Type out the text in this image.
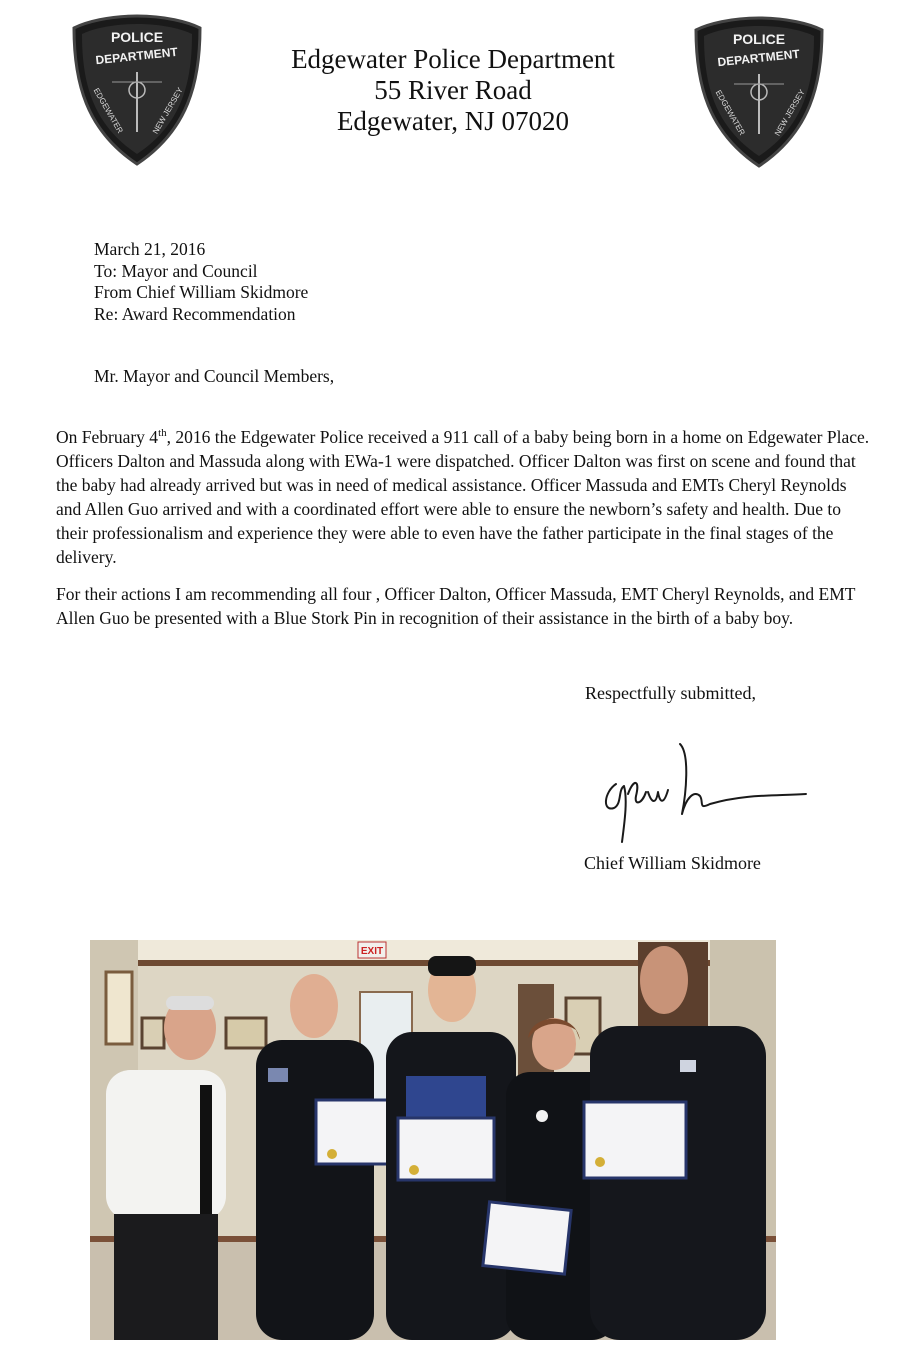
POLICE
DEPARTMENT
EDGEWATER	NEW JERSEY
POLICE
DEPARTMENT
EDGEWATER	NEW JERSEY
Edgewater Police Department
55 River Road
Edgewater, NJ 07020
March 21, 2016
To: Mayor and Council
From Chief William Skidmore
Re: Award Recommendation
Mr. Mayor and Council Members,
On February 4th, 2016 the Edgewater Police received a 911 call of a baby being born in a home on Edgewater Place. Officers Dalton and Massuda along with EWa-1 were dispatched. Officer Dalton was first on scene and found that the baby had already arrived but was in need of medical assistance. Officer Massuda and EMTs Cheryl Reynolds and Allen Guo arrived and with a coordinated effort were able to ensure the newborn’s safety and health. Due to their professionalism and experience they were able to even have the father participate in the final stages of the delivery.
For their actions I am recommending all four , Officer Dalton, Officer Massuda, EMT Cheryl Reynolds, and EMT Allen Guo be presented with a Blue Stork Pin in recognition of their assistance in the birth of a baby boy.
Respectfully submitted,
Chief William Skidmore
EXIT
